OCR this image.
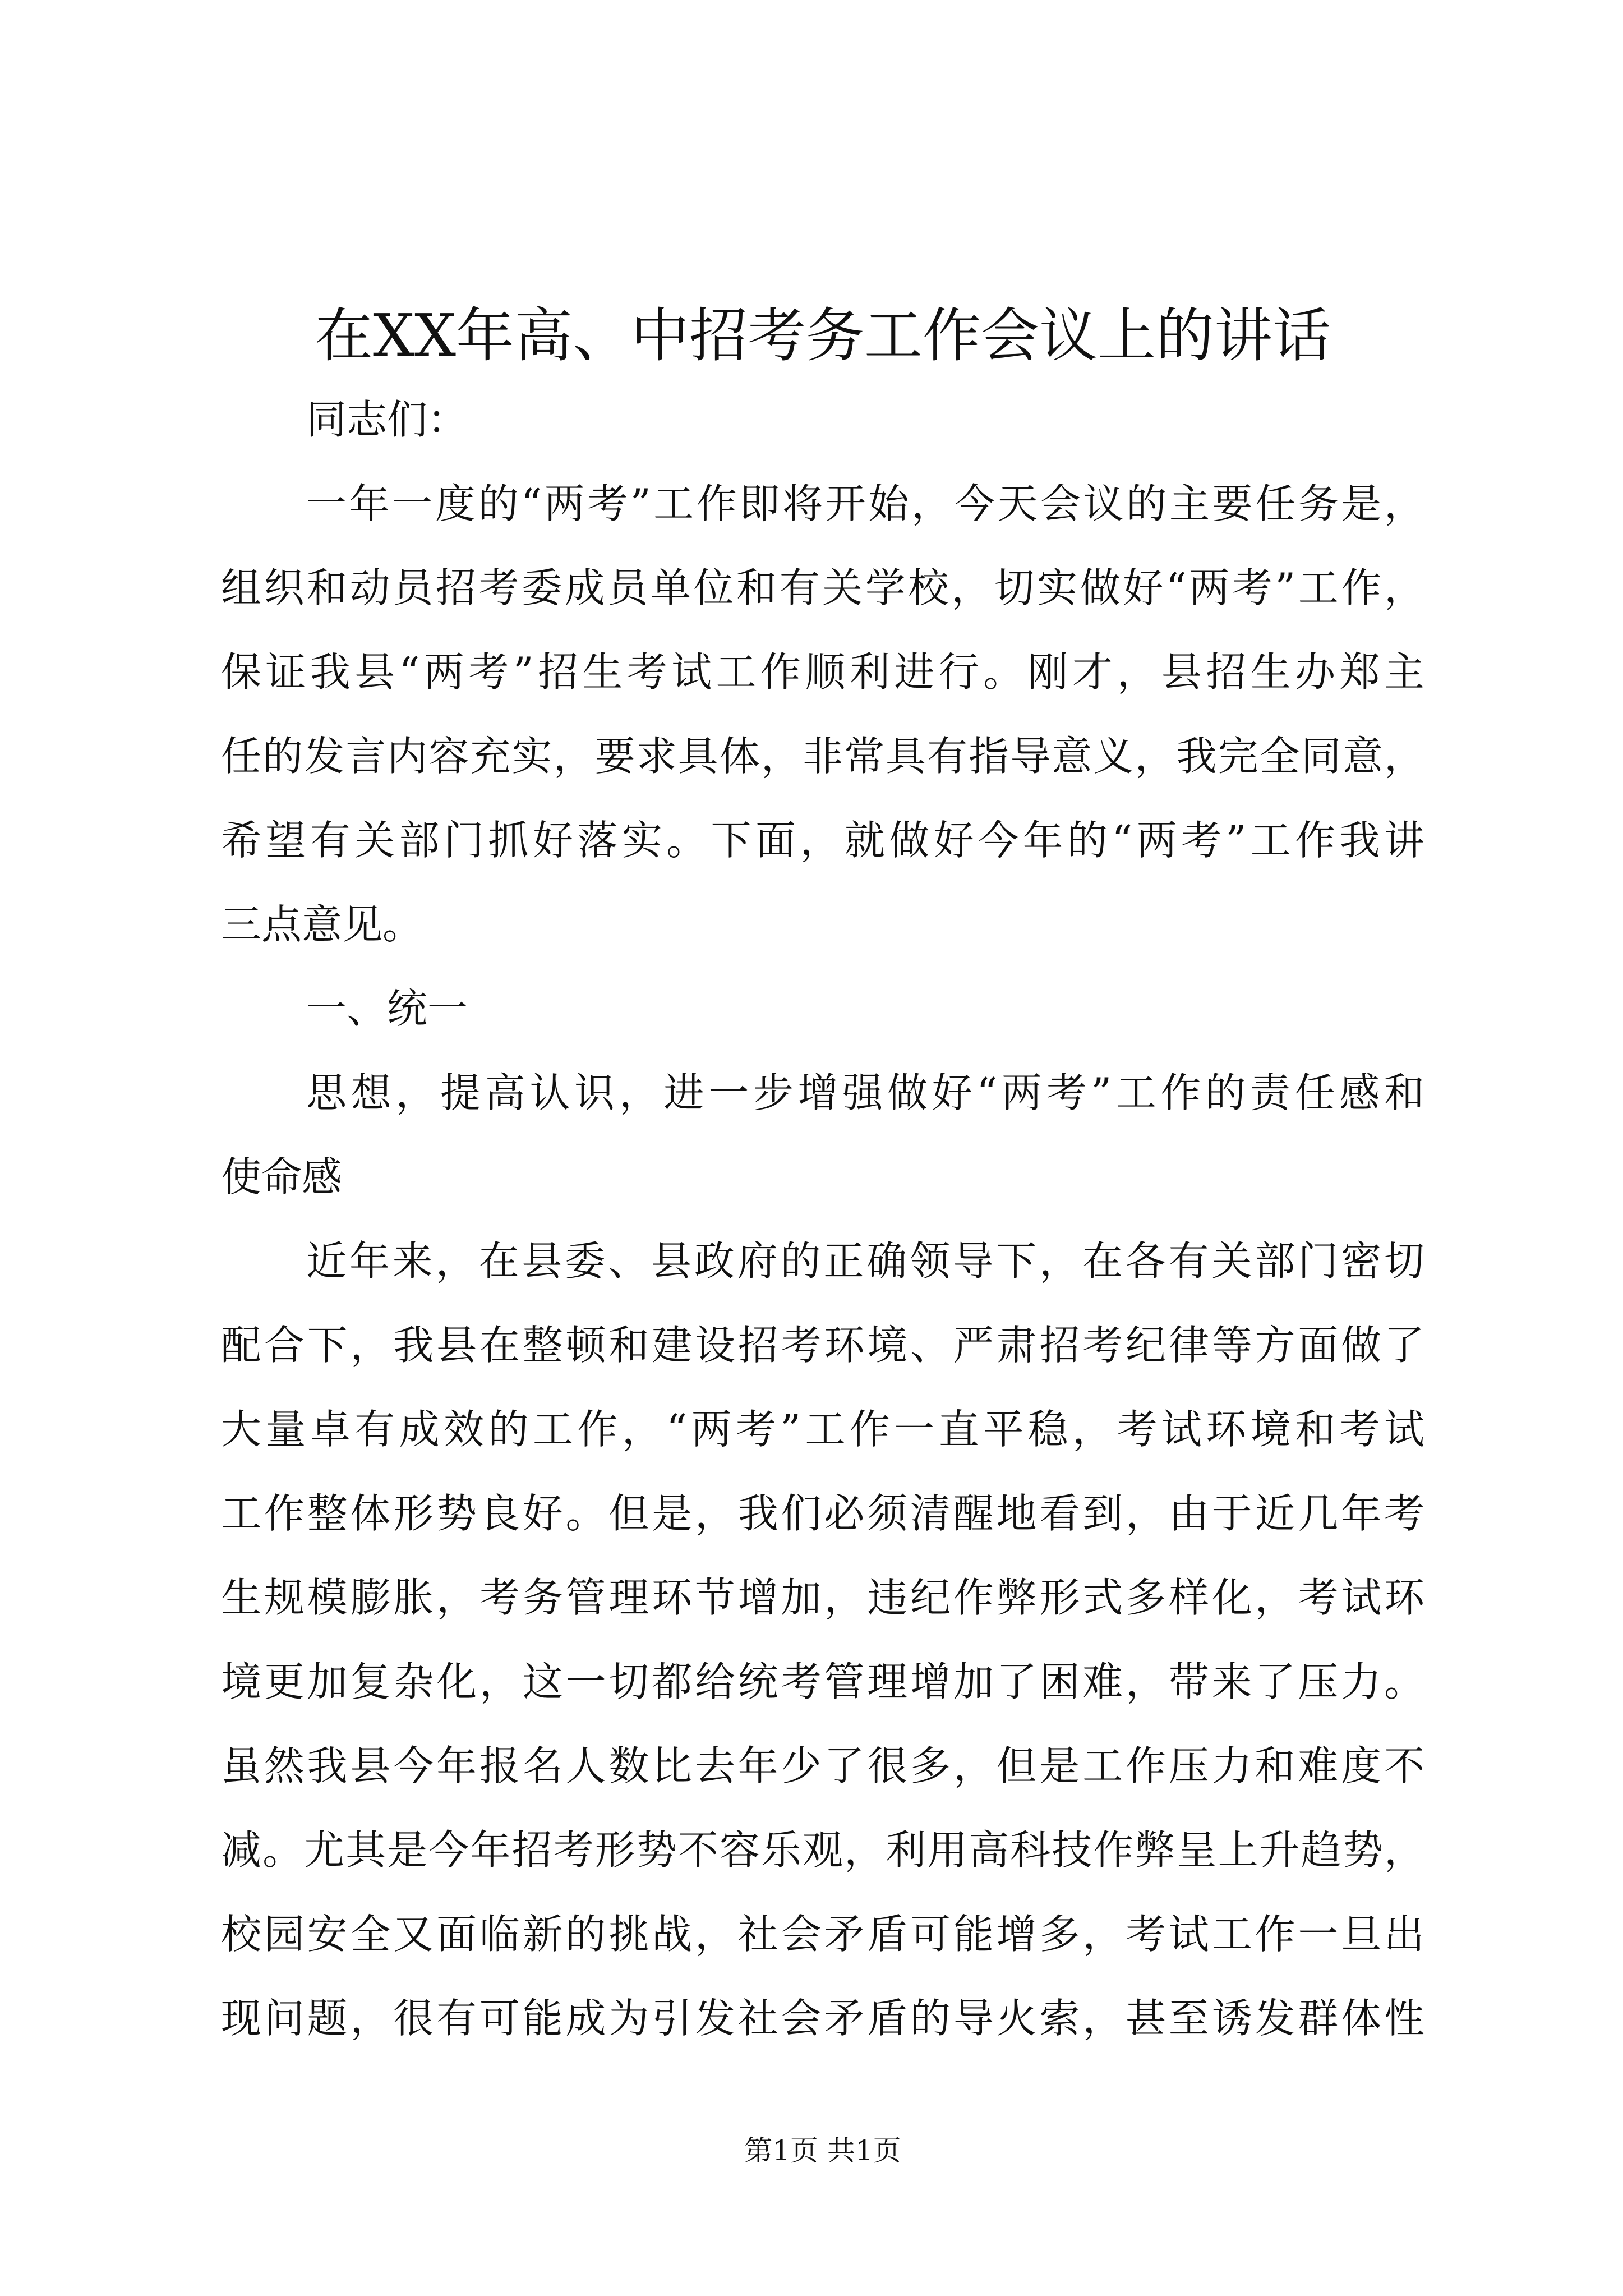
在XX年高、中招考务工作会议上的讲话
同志们：
一年一度的“两考”工作即将开始，今天会议的主要任务是，
组织和动员招考委成员单位和有关学校，切实做好“两考”工作，
保证我县“两考”招生考试工作顺利进行。刚才，县招生办郑主
任的发言内容充实，要求具体，非常具有指导意义，我完全同意，
希望有关部门抓好落实。下面，就做好今年的“两考”工作我讲
三点意见。
一、统一
思想，提高认识，进一步增强做好“两考”工作的责任感和
使命感
近年来，在县委、县政府的正确领导下，在各有关部门密切
配合下，我县在整顿和建设招考环境、严肃招考纪律等方面做了
大量卓有成效的工作，“两考”工作一直平稳，考试环境和考试
工作整体形势良好。但是，我们必须清醒地看到，由于近几年考
生规模膨胀，考务管理环节增加，违纪作弊形式多样化，考试环
境更加复杂化，这一切都给统考管理增加了困难，带来了压力。
虽然我县今年报名人数比去年少了很多，但是工作压力和难度不
减。尤其是今年招考形势不容乐观，利用高科技作弊呈上升趋势，
校园安全又面临新的挑战，社会矛盾可能增多，考试工作一旦出
现问题，很有可能成为引发社会矛盾的导火索，甚至诱发群体性
第1页 共1页
